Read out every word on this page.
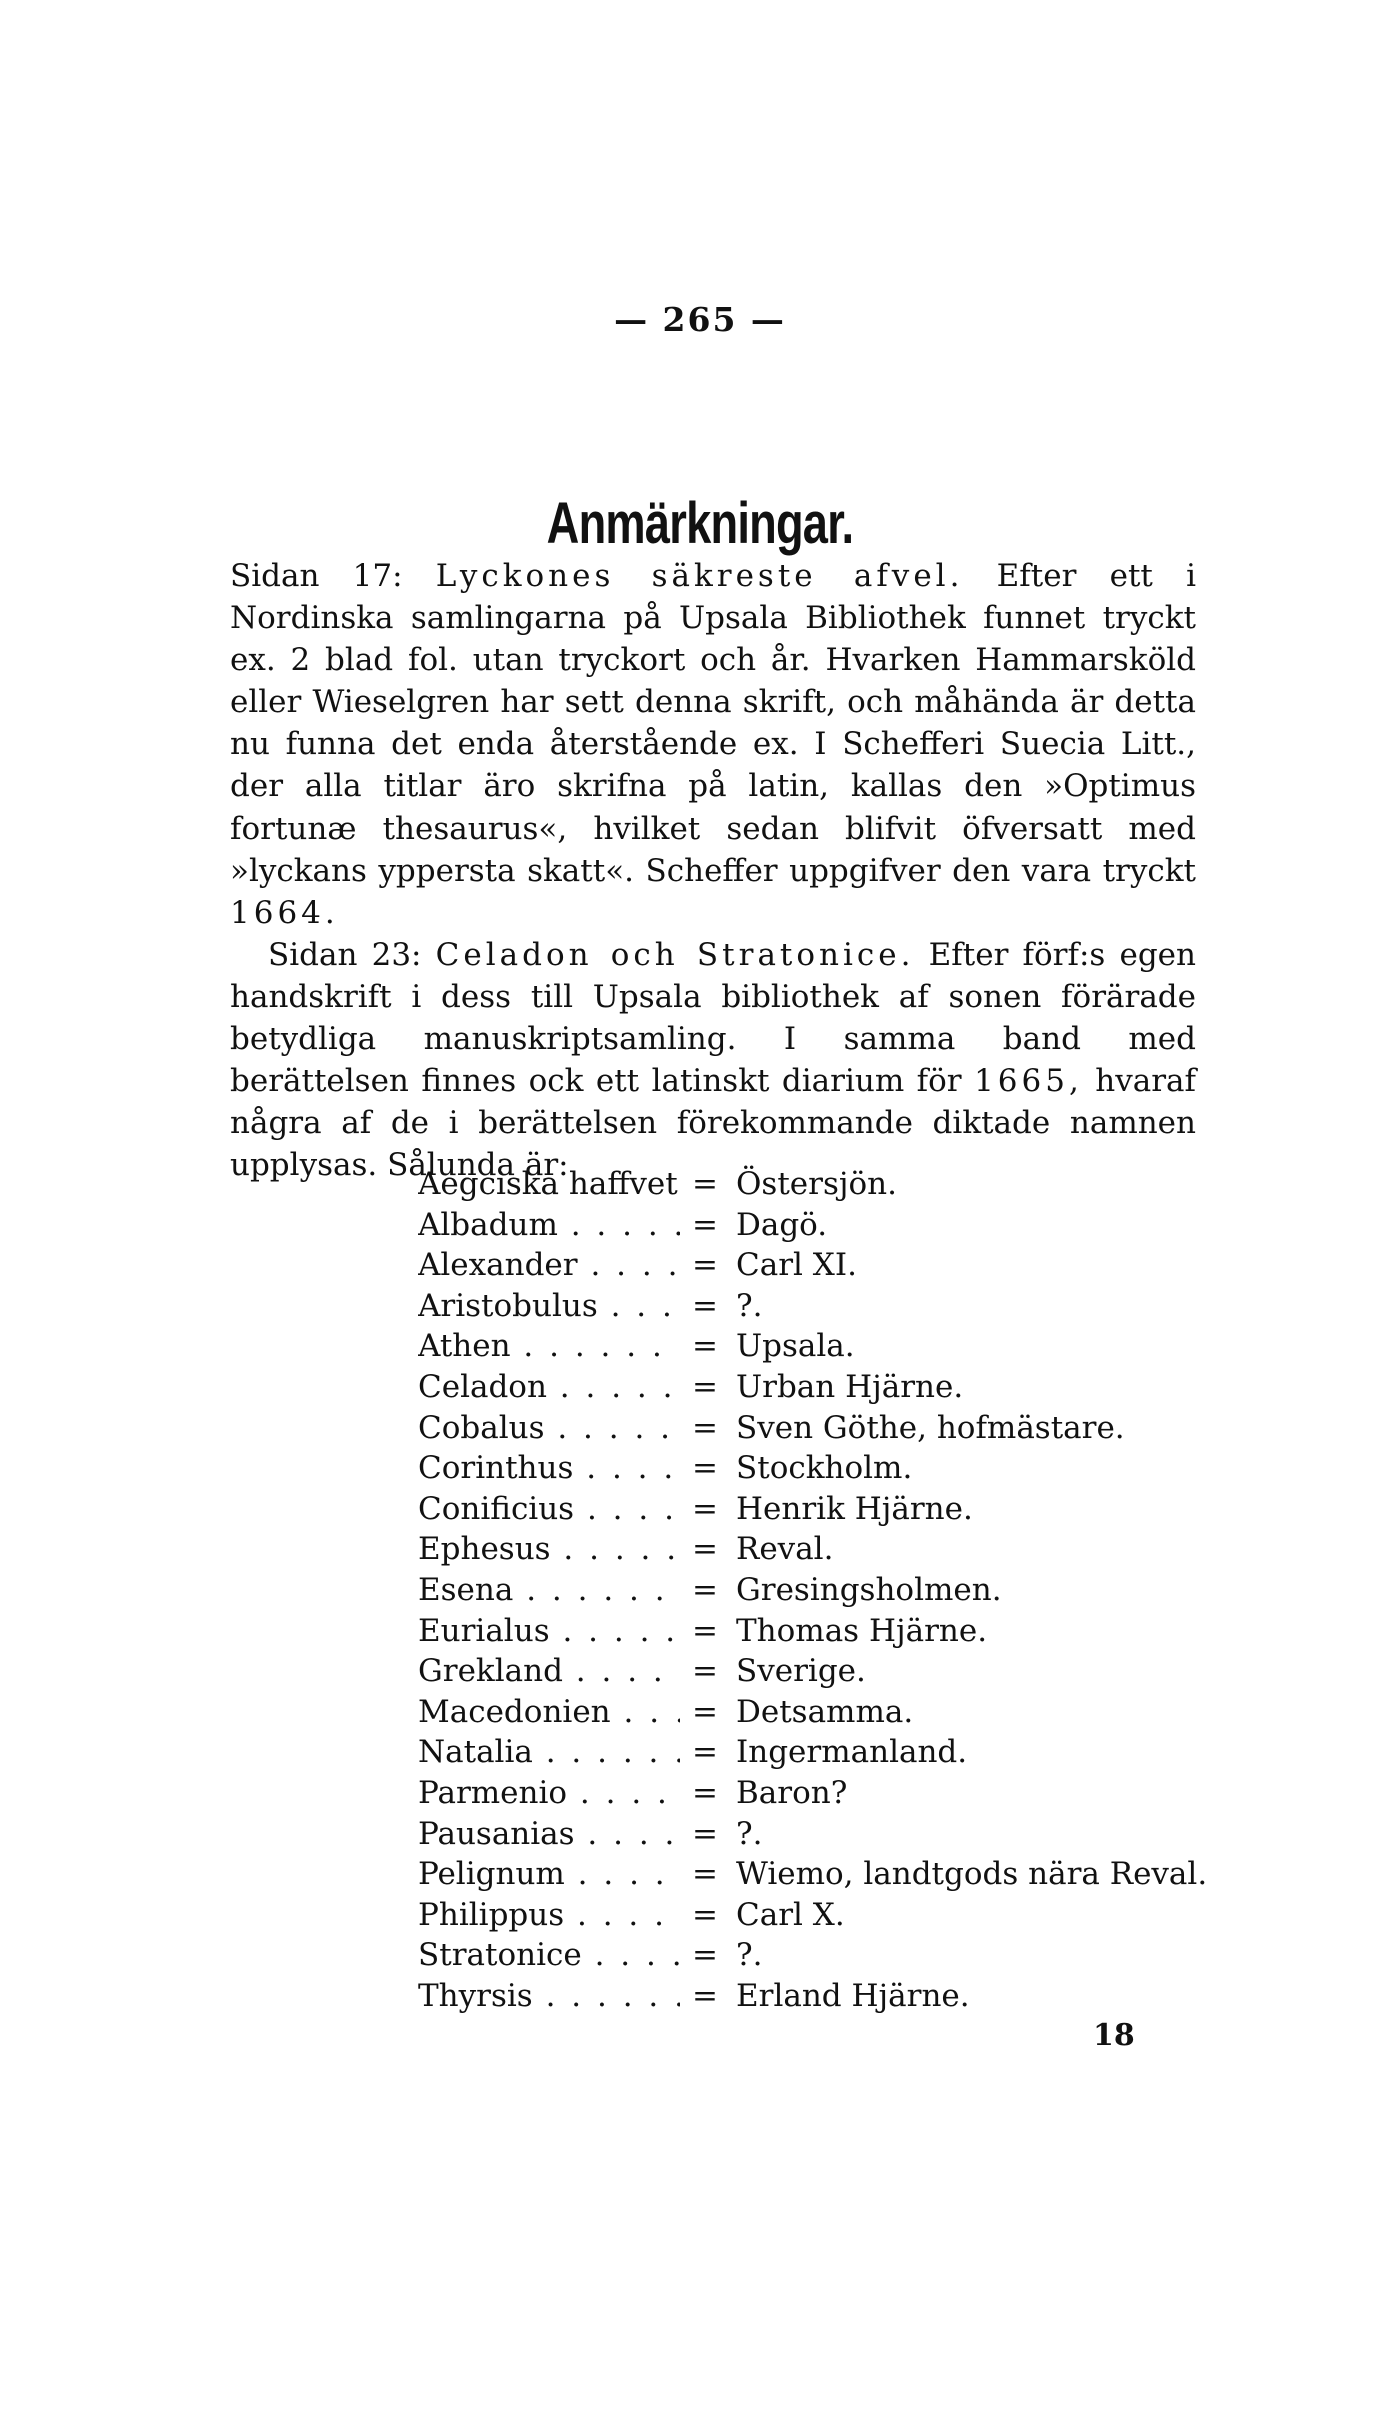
— 265 —
Anmärkningar.

Sidan 17: Lyckones säkreste afvel. Efter ett i Nordinska samlingarna på Upsala Bibliothek funnet tryckt ex. 2 blad fol. utan tryckort och år. Hvarken Hammarsköld eller Wieselgren har sett denna skrift, och måhända är detta nu funna det enda återstående ex. I Schefferi Suecia Litt., der alla titlar äro skrifna på latin, kallas den »Optimus fortunæ thesaurus«, hvilket sedan blifvit öfversatt med »lyckans yppersta skatt«. Scheffer uppgifver den vara tryckt 1664.

Sidan 23: Celadon och Stratonice. Efter förf:s egen handskrift i dess till Upsala bibliothek af sonen förärade betydliga manuskriptsamling. I samma band med berättelsen finnes ock ett latinskt diarium för 1665, hvaraf några af de i berättelsen förekommande diktade namnen upplysas. Sålunda är:

Aegciska haffvet . . . = Östersjön.
Albadum . . .	= Dagö.
Alexander . . .	= Carl XI.
Aristobulus . . .	= ?.
Athen . . .	= Upsala.
Celadon . . .	= Urban Hjärne.
Cobalus . . .	= Sven Göthe, hofmästare.
Corinthus . . .	= Stockholm.
Conificius . . .	= Henrik Hjärne.
Ephesus . . .	= Reval.
Esena . . .	= Gresingsholmen.
Eurialus . . .	= Thomas Hjärne.
Grekland . . .	= Sverige.
Macedonien . . .	= Detsamma.
Natalia . . .	= Ingermanland.
Parmenio . . .	= Baron?
Pausanias . . .	= ?.
Pelignum . . .	= Wiemo, landtgods nära Reval.
Philippus . . .	= Carl X.
Stratonice . . .	= ?.
Thyrsis . . .	= Erland Hjärne.
18
